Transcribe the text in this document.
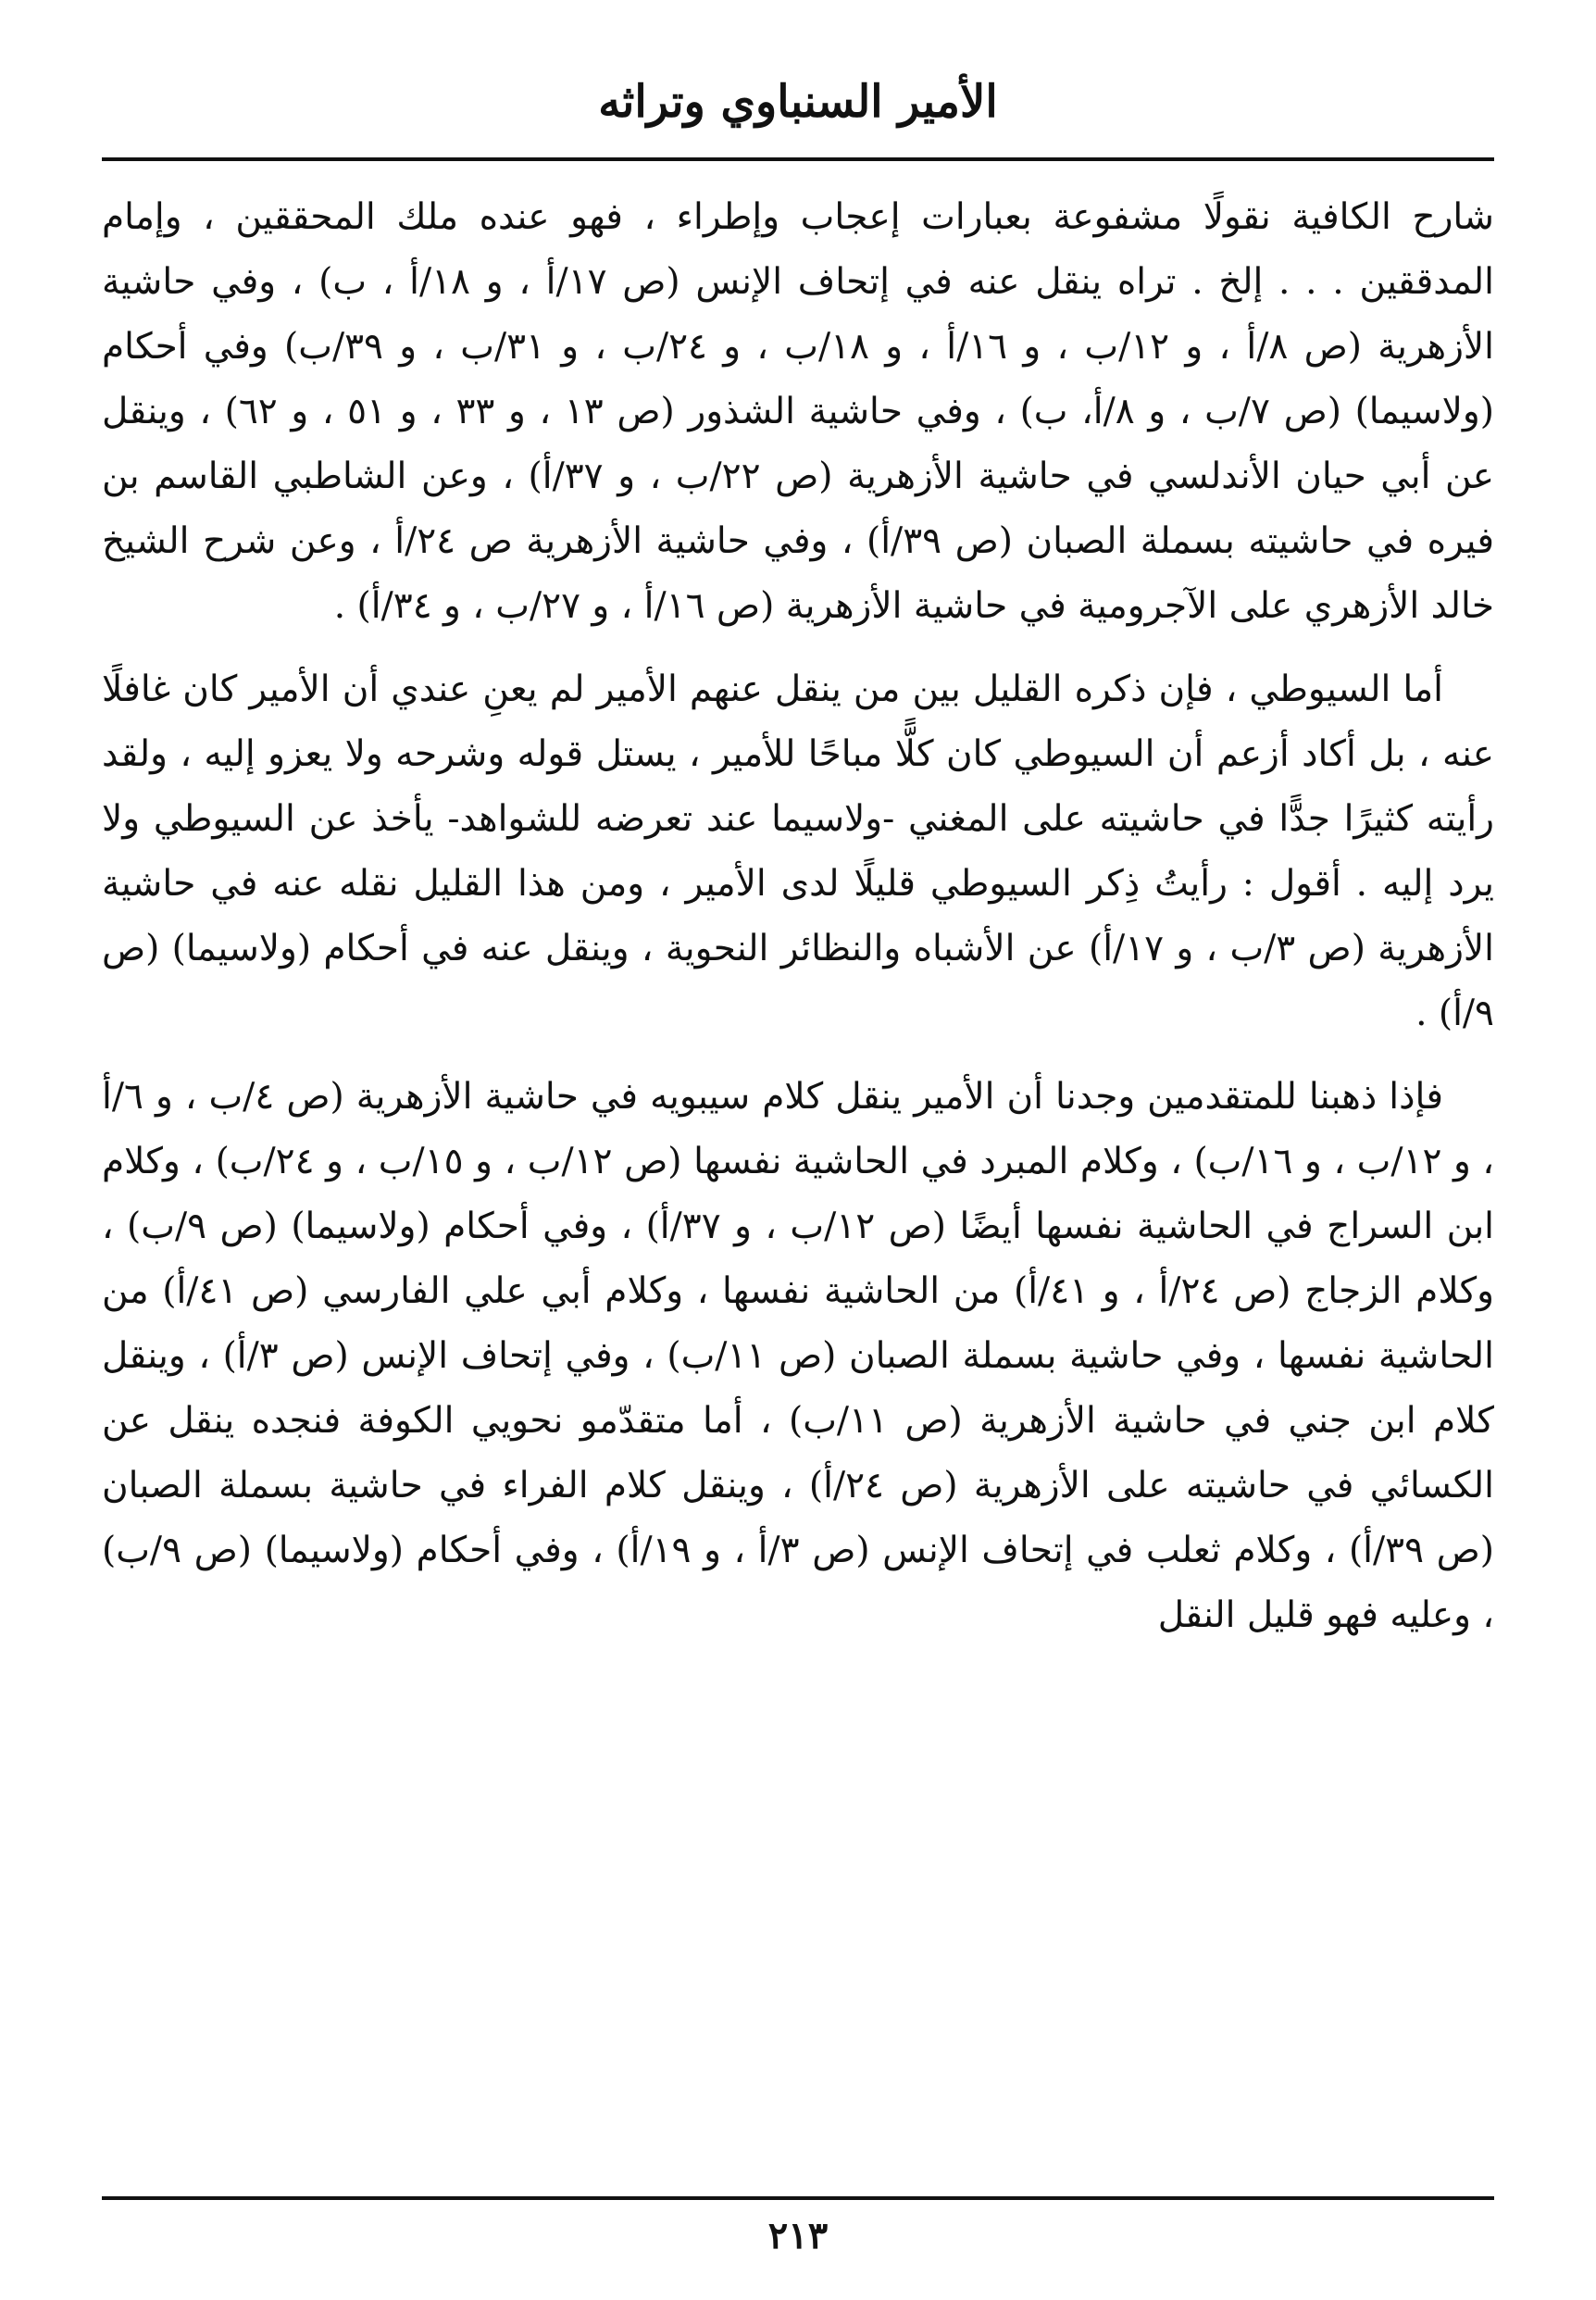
الأمير السنباوي وتراثه

شارح الكافية نقولًا مشفوعة بعبارات إعجاب وإطراء ، فهو عنده ملك المحققين ، وإمام المدققين . . . إلخ . تراه ينقل عنه في إتحاف الإنس (ص ١٧/أ ، و ١٨/أ ، ب) ، وفي حاشية الأزهرية (ص ٨/أ ، و ١٢/ب ، و ١٦/أ ، و ١٨/ب ، و ٢٤/ب ، و ٣١/ب ، و ٣٩/ب) وفي أحكام (ولاسيما) (ص ٧/ب ، و ٨/أ، ب) ، وفي حاشية الشذور (ص ١٣ ، و ٣٣ ، و ٥١ ، و ٦٢) ، وينقل عن أبي حيان الأندلسي في حاشية الأزهرية (ص ٢٢/ب ، و ٣٧/أ) ، وعن الشاطبي القاسم بن فيره في حاشيته بسملة الصبان (ص ٣٩/أ) ، وفي حاشية الأزهرية ص ٢٤/أ ، وعن شرح الشيخ خالد الأزهري على الآجرومية في حاشية الأزهرية (ص ١٦/أ ، و ٢٧/ب ، و ٣٤/أ) .

أما السيوطي ، فإن ذكره القليل بين من ينقل عنهم الأمير لم يعنِ عندي أن الأمير كان غافلًا عنه ، بل أكاد أزعم أن السيوطي كان كلًّا مباحًا للأمير ، يستل قوله وشرحه ولا يعزو إليه ، ولقد رأيته كثيرًا جدًّا في حاشيته على المغني -ولاسيما عند تعرضه للشواهد- يأخذ عن السيوطي ولا يرد إليه . أقول : رأيتُ ذِكر السيوطي قليلًا لدى الأمير ، ومن هذا القليل نقله عنه في حاشية الأزهرية (ص ٣/ب ، و ١٧/أ) عن الأشباه والنظائر النحوية ، وينقل عنه في أحكام (ولاسيما) (ص ٩/أ) .

فإذا ذهبنا للمتقدمين وجدنا أن الأمير ينقل كلام سيبويه في حاشية الأزهرية (ص ٤/ب ، و ٦/أ ، و ١٢/ب ، و ١٦/ب) ، وكلام المبرد في الحاشية نفسها (ص ١٢/ب ، و ١٥/ب ، و ٢٤/ب) ، وكلام ابن السراج في الحاشية نفسها أيضًا (ص ١٢/ب ، و ٣٧/أ) ، وفي أحكام (ولاسيما) (ص ٩/ب) ، وكلام الزجاج (ص ٢٤/أ ، و ٤١/أ) من الحاشية نفسها ، وكلام أبي علي الفارسي (ص ٤١/أ) من الحاشية نفسها ، وفي حاشية بسملة الصبان (ص ١١/ب) ، وفي إتحاف الإنس (ص ٣/أ) ، وينقل كلام ابن جني في حاشية الأزهرية (ص ١١/ب) ، أما متقدّمو نحويي الكوفة فنجده ينقل عن الكسائي في حاشيته على الأزهرية (ص ٢٤/أ) ، وينقل كلام الفراء في حاشية بسملة الصبان (ص ٣٩/أ) ، وكلام ثعلب في إتحاف الإنس (ص ٣/أ ، و ١٩/أ) ، وفي أحكام (ولاسيما) (ص ٩/ب) ، وعليه فهو قليل النقل

٢١٣
